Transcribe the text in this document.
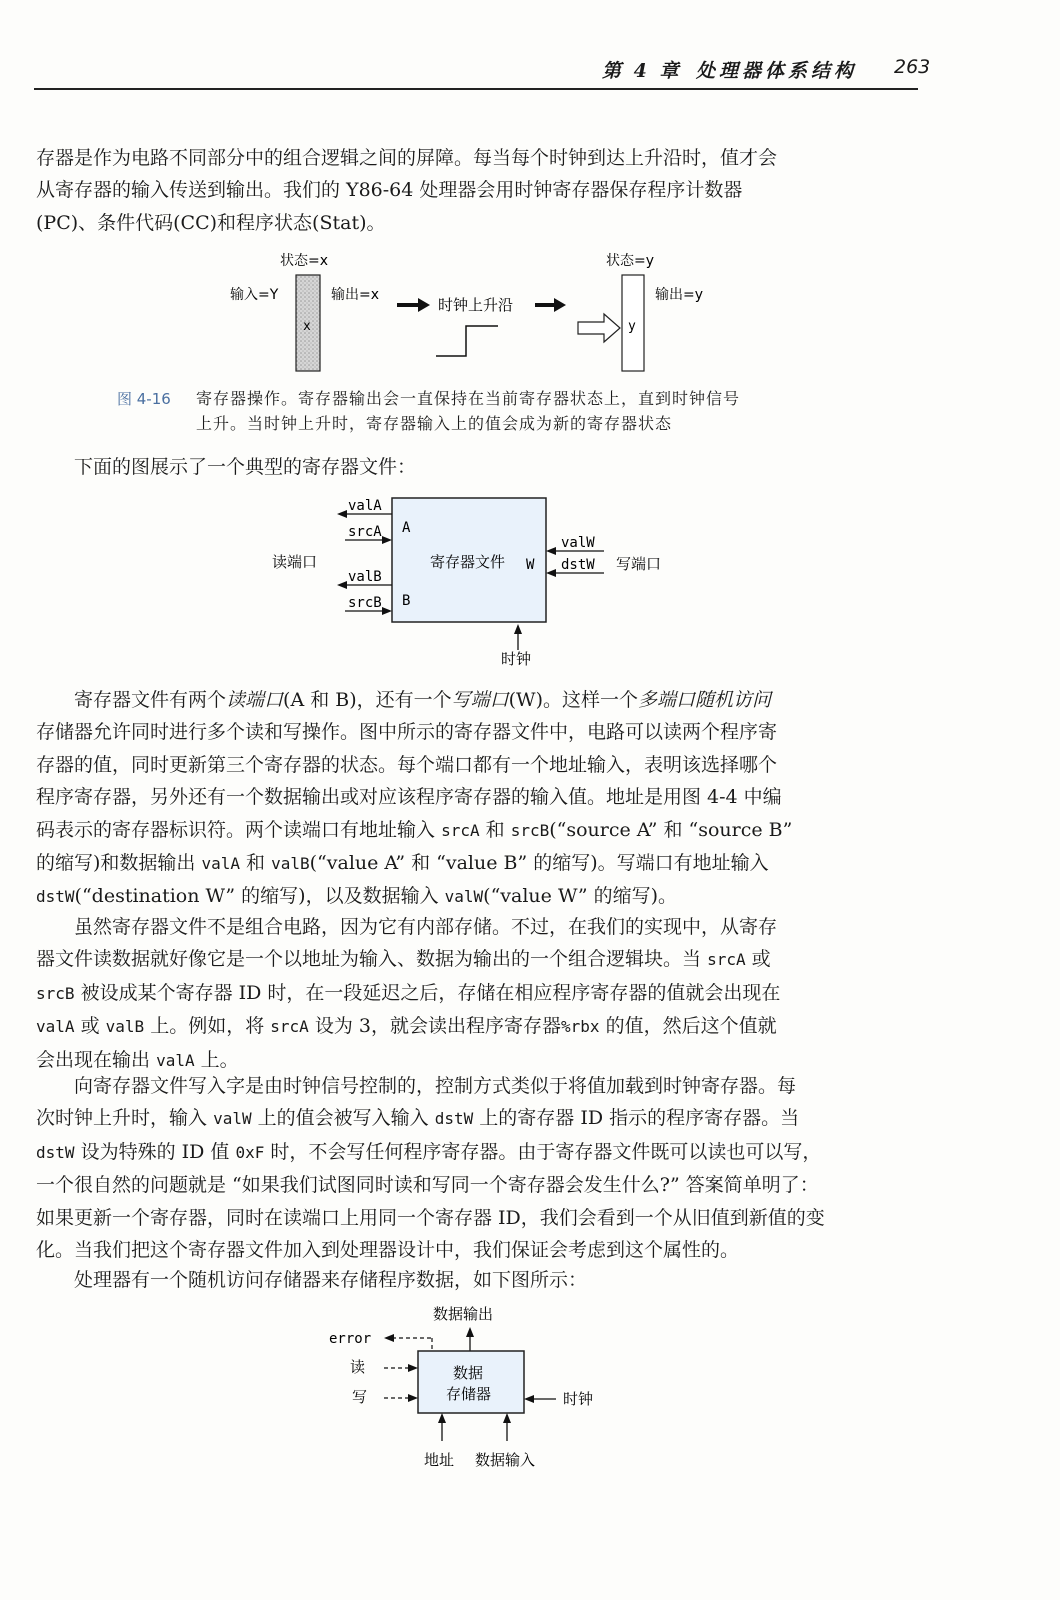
第 4 章 处理器体系结构 263
存器是作为电路不同部分中的组合逻辑之间的屏障。每当每个时钟到达上升沿时，值才会
从寄存器的输入传送到输出。我们的 Y86-64 处理器会用时钟寄存器保存程序计数器
(PC)、条件代码(CC)和程序状态(Stat)。
状态=x
输入=Y
x
输出=x
时钟上升沿
状态=y
y
输出=y
图 4-16 寄存器操作。寄存器输出会一直保持在当前寄存器状态上，直到时钟信号
上升。当时钟上升时，寄存器输入上的值会成为新的寄存器状态
下面的图展示了一个典型的寄存器文件：
valA
srcA A
读端口	寄存器文件 W
valB
srcB B
valW
dstW 写端口
时钟
寄存器文件有两个读端口(A 和 B)，还有一个写端口(W)。这样一个多端口随机访问
存储器允许同时进行多个读和写操作。图中所示的寄存器文件中，电路可以读两个程序寄
存器的值，同时更新第三个寄存器的状态。每个端口都有一个地址输入，表明该选择哪个
程序寄存器，另外还有一个数据输出或对应该程序寄存器的输入值。地址是用图 4-4 中编
码表示的寄存器标识符。两个读端口有地址输入 srcA 和 srcB(“source A” 和 “source B”
的缩写)和数据输出 valA 和 valB(“value A” 和 “value B” 的缩写)。写端口有地址输入
dstW(“destination W” 的缩写)，以及数据输入 valW(“value W” 的缩写)。
虽然寄存器文件不是组合电路，因为它有内部存储。不过，在我们的实现中，从寄存
器文件读数据就好像它是一个以地址为输入、数据为输出的一个组合逻辑块。当 srcA 或
srcB 被设成某个寄存器 ID 时，在一段延迟之后，存储在相应程序寄存器的值就会出现在
valA 或 valB 上。例如，将 srcA 设为 3，就会读出程序寄存器%rbx 的值，然后这个值就
会出现在输出 valA 上。
向寄存器文件写入字是由时钟信号控制的，控制方式类似于将值加载到时钟寄存器。每
次时钟上升时，输入 valW 上的值会被写入输入 dstW 上的寄存器 ID 指示的程序寄存器。当
dstW 设为特殊的 ID 值 0xF 时，不会写任何程序寄存器。由于寄存器文件既可以读也可以写，
一个很自然的问题就是 “如果我们试图同时读和写同一个寄存器会发生什么?” 答案简单明了：
如果更新一个寄存器，同时在读端口上用同一个寄存器 ID，我们会看到一个从旧值到新值的变
化。当我们把这个寄存器文件加入到处理器设计中，我们保证会考虑到这个属性的。
处理器有一个随机访问存储器来存储程序数据，如下图所示：
数据输出
error
数据
存储器
读
写	时钟
地址 数据输入
